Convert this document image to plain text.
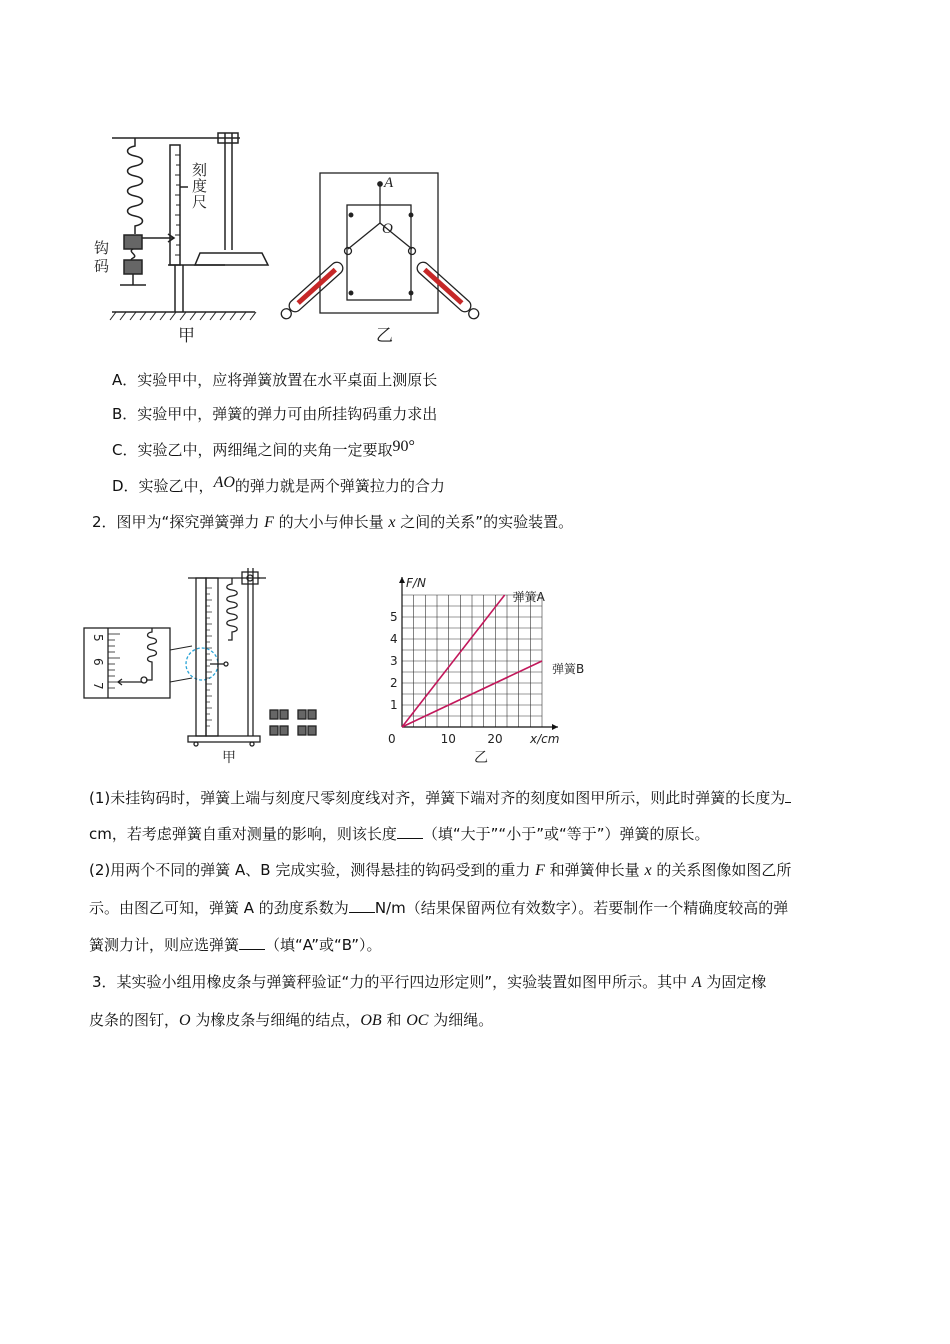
刻
度
尺
钩
码
甲
A
O
乙
A．实验甲中，应将弹簧放置在水平桌面上测原长
B．实验甲中，弹簧的弹力可由所挂钩码重力求出
C．实验乙中，两细绳之间的夹角一定要取90°
D．实验乙中，AO的弹力就是两个弹簧拉力的合力
2．图甲为“探究弹簧弹力 F 的大小与伸长量 x 之间的关系”的实验装置。
5
6
7
甲
1
2
3
4
5
0	10	20 x/cm
F/N
弹簧A
弹簧B
乙
(1)未挂钩码时，弹簧上端与刻度尺零刻度线对齐，弹簧下端对齐的刻度如图甲所示，则此时弹簧的长度为
cm，若考虑弹簧自重对测量的影响，则该长度 （填“大于”“小于”或“等于”）弹簧的原长。
(2)用两个不同的弹簧 A、B 完成实验，测得悬挂的钩码受到的重力 F 和弹簧伸长量 x 的关系图像如图乙所
示。由图乙可知，弹簧 A 的劲度系数为 N/m（结果保留两位有效数字）。若要制作一个精确度较高的弹
簧测力计，则应选弹簧 （填“A”或“B”）。
3．某实验小组用橡皮条与弹簧秤验证“力的平行四边形定则”，实验装置如图甲所示。其中 A 为固定橡
皮条的图钉，O 为橡皮条与细绳的结点，OB 和 OC 为细绳。
